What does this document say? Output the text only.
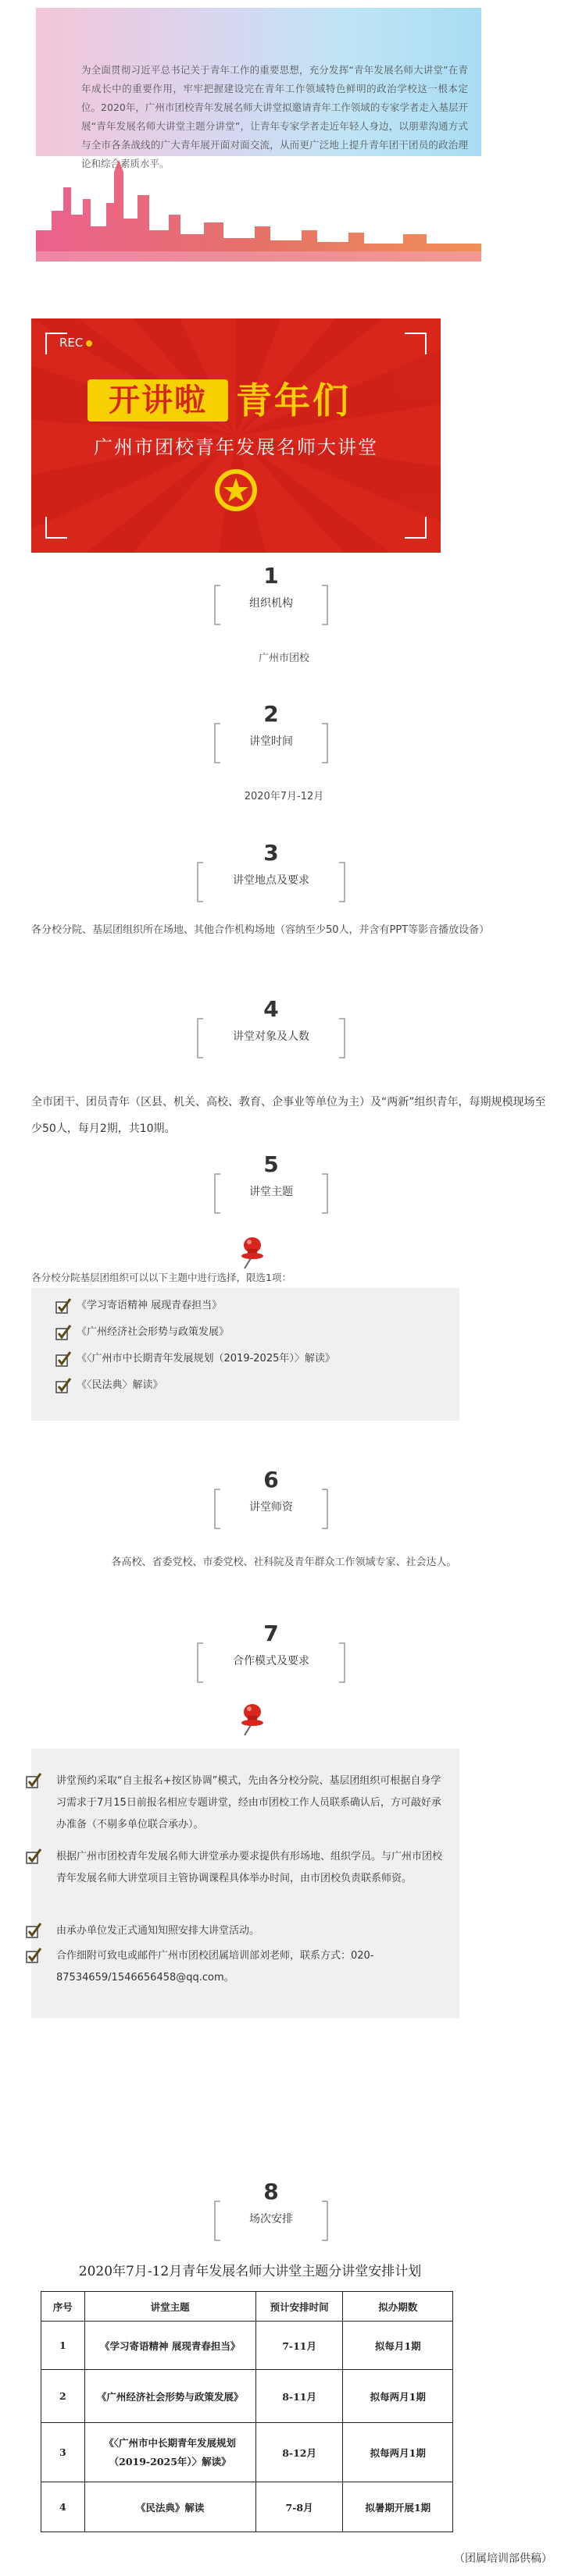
为全面贯彻习近平总书记关于青年工作的重要思想，充分发挥“青年发展名师大讲堂”在青年成长中的重要作用，牢牢把握建设完在青年工作领域特色鲜明的政治学校这一根本定位。2020年，广州市团校青年发展名师大讲堂拟邀请青年工作领域的专家学者走入基层开展“青年发展名师大讲堂主题分讲堂”，让青年专家学者走近年轻人身边，以朋辈沟通方式与全市各条战线的广大青年展开面对面交流，从而更广泛地上提升青年团干团员的政治理论和综合素质水平。
REC
开讲啦 青年们
广州市团校青年发展名师大讲堂
1
组织机构
广州市团校
2
讲堂时间
2020年7月-12月
3
讲堂地点及要求
各分校分院、基层团组织所在场地、其他合作机构场地（容纳至少50人，并含有PPT等影音播放设备）
4
讲堂对象及人数
全市团干、团员青年（区县、机关、高校、教育、企事业等单位为主）及“两新”组织青年，每期规模现场至少50人，每月2期，共10期。
5
讲堂主题
各分校分院基层团组织可以以下主题中进行选择，限选1项：
《学习寄语精神 展现青春担当》
《广州经济社会形势与政策发展》
《〈广州市中长期青年发展规划（2019-2025年）〉解读》
《〈民法典〉解读》
6
讲堂师资
各高校、省委党校、市委党校、社科院及青年群众工作领域专家、社会达人。
7
合作模式及要求
讲堂预约采取“自主报名+按区协调”模式，先由各分校分院、基层团组织可根据自身学习需求于7月15日前报名相应专题讲堂，经由市团校工作人员联系确认后，方可敲好承办准备（不剔多单位联合承办）。
根据广州市团校青年发展名师大讲堂承办要求提供有形场地、组织学员。与广州市团校青年发展名师大讲堂项目主管协调课程具体举办时间，由市团校负责联系师资。
由承办单位发正式通知知照安排大讲堂活动。
合作细附可致电或邮件广州市团校团属培训部刘老师，联系方式：020-87534659/1546656458@qq.com。
8
场次安排
2020年7月-12月青年发展名师大讲堂主题分讲堂安排计划
序号	讲堂主题	预计安排时间	拟办期数
1	《学习寄语精神 展现青春担当》	7-11月	拟每月1期
2	《广州经济社会形势与政策发展》	8-11月	拟每两月1期
3	《〈广州市中长期青年发展规划（2019-2025年）〉解读》	8-12月	拟每两月1期
4	《民法典》解读	7-8月	拟暑期开展1期
（团属培训部供稿）
